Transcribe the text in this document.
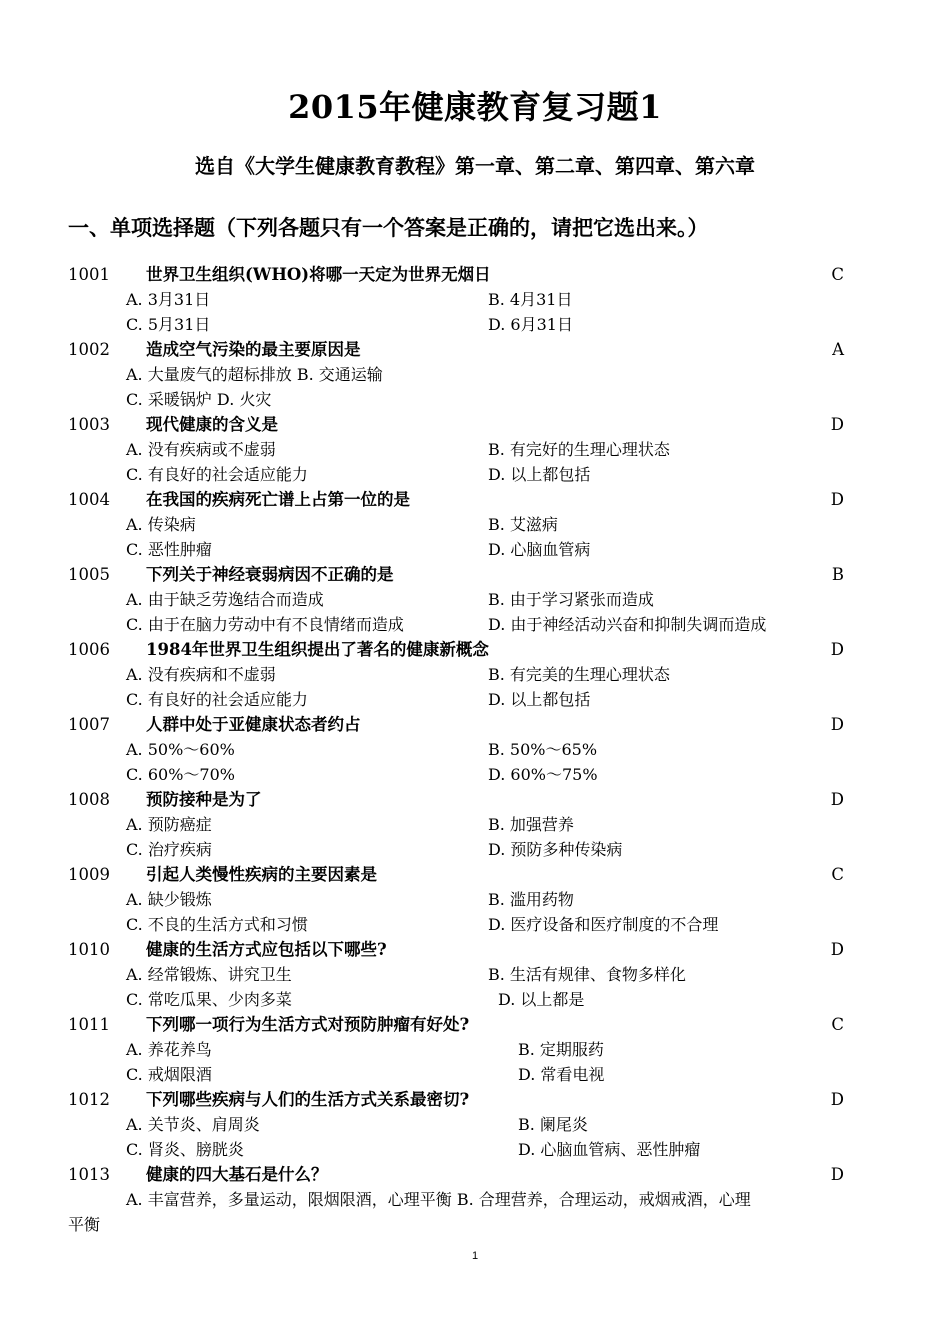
2015年健康教育复习题1
选自《大学生健康教育教程》第一章、第二章、第四章、第六章
一、单项选择题（下列各题只有一个答案是正确的，请把它选出来。）
1001 世界卫生组织(WHO)将哪一天定为世界无烟日	C
A. 3月31日	B. 4月31日
C. 5月31日	D. 6月31日
1002 造成空气污染的最主要原因是	A
A. 大量废气的超标排放 B. 交通运输
C. 采暖锅炉 D. 火灾
1003 现代健康的含义是	D
A. 没有疾病或不虚弱	B. 有完好的生理心理状态
C. 有良好的社会适应能力	D. 以上都包括
1004 在我国的疾病死亡谱上占第一位的是	D
A. 传染病	B. 艾滋病
C. 恶性肿瘤	D. 心脑血管病
1005 下列关于神经衰弱病因不正确的是	B
A. 由于缺乏劳逸结合而造成	B. 由于学习紧张而造成
C. 由于在脑力劳动中有不良情绪而造成	D. 由于神经活动兴奋和抑制失调而造成
1006 1984年世界卫生组织提出了著名的健康新概念	D
A. 没有疾病和不虚弱	B. 有完美的生理心理状态
C. 有良好的社会适应能力	D. 以上都包括
1007 人群中处于亚健康状态者约占	D
A. 50%～60%	B. 50%～65%
C. 60%～70%	D. 60%～75%
1008 预防接种是为了	D
A. 预防癌症	B. 加强营养
C. 治疗疾病	D. 预防多种传染病
1009 引起人类慢性疾病的主要因素是	C
A. 缺少锻炼	B. 滥用药物
C. 不良的生活方式和习惯	D. 医疗设备和医疗制度的不合理
1010 健康的生活方式应包括以下哪些?	D
A. 经常锻炼、讲究卫生	B. 生活有规律、食物多样化
C. 常吃瓜果、少肉多菜	D. 以上都是
1011 下列哪一项行为生活方式对预防肿瘤有好处?	C
A. 养花养鸟	B. 定期服药
C. 戒烟限酒	D. 常看电视
1012 下列哪些疾病与人们的生活方式关系最密切?	D
A. 关节炎、肩周炎	B. 阑尾炎
C. 肾炎、膀胱炎	D. 心脑血管病、恶性肿瘤
1013 健康的四大基石是什么？	D
A. 丰富营养，多量运动，限烟限酒，心理平衡 B. 合理营养，合理运动，戒烟戒酒，心理
平衡
1
